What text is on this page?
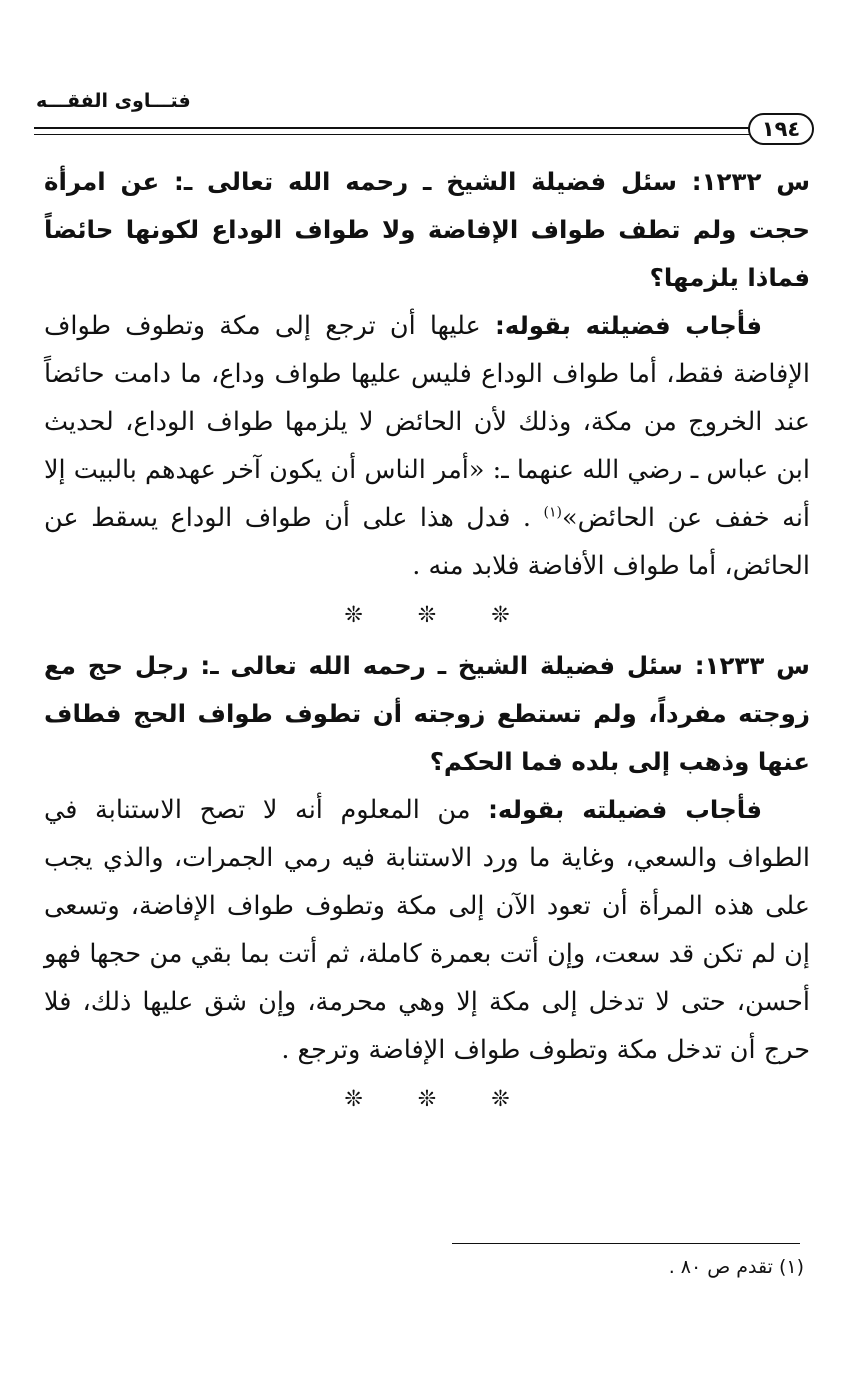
فتـــاوى الفقـــه
١٩٤

س ١٢٣٢: سئل فضيلة الشيخ ـ رحمه الله تعالى ـ: عن امرأة حجت ولم تطف طواف الإفاضة ولا طواف الوداع لكونها حائضاً فماذا يلزمها؟

فأجاب فضيلته بقوله: عليها أن ترجع إلى مكة وتطوف طواف الإفاضة فقط، أما طواف الوداع فليس عليها طواف وداع، ما دامت حائضاً عند الخروج من مكة، وذلك لأن الحائض لا يلزمها طواف الوداع، لحديث ابن عباس ـ رضي الله عنهما ـ: «أمر الناس أن يكون آخر عهدهم بالبيت إلا أنه خفف عن الحائض»$^{(١)}$ . فدل هذا على أن طواف الوداع يسقط عن الحائض، أما طواف الأفاضة فلابد منه .

❊	❊	❊

س ١٢٣٣: سئل فضيلة الشيخ ـ رحمه الله تعالى ـ: رجل حج مع زوجته مفرداً، ولم تستطع زوجته أن تطوف طواف الحج فطاف عنها وذهب إلى بلده فما الحكم؟

فأجاب فضيلته بقوله: من المعلوم أنه لا تصح الاستنابة في الطواف والسعي، وغاية ما ورد الاستنابة فيه رمي الجمرات، والذي يجب على هذه المرأة أن تعود الآن إلى مكة وتطوف طواف الإفاضة، وتسعى إن لم تكن قد سعت، وإن أتت بعمرة كاملة، ثم أتت بما بقي من حجها فهو أحسن، حتى لا تدخل إلى مكة إلا وهي محرمة، وإن شق عليها ذلك، فلا حرج أن تدخل مكة وتطوف طواف الإفاضة وترجع .

❊	❊	❊
(١) تقدم ص ٨٠ .
